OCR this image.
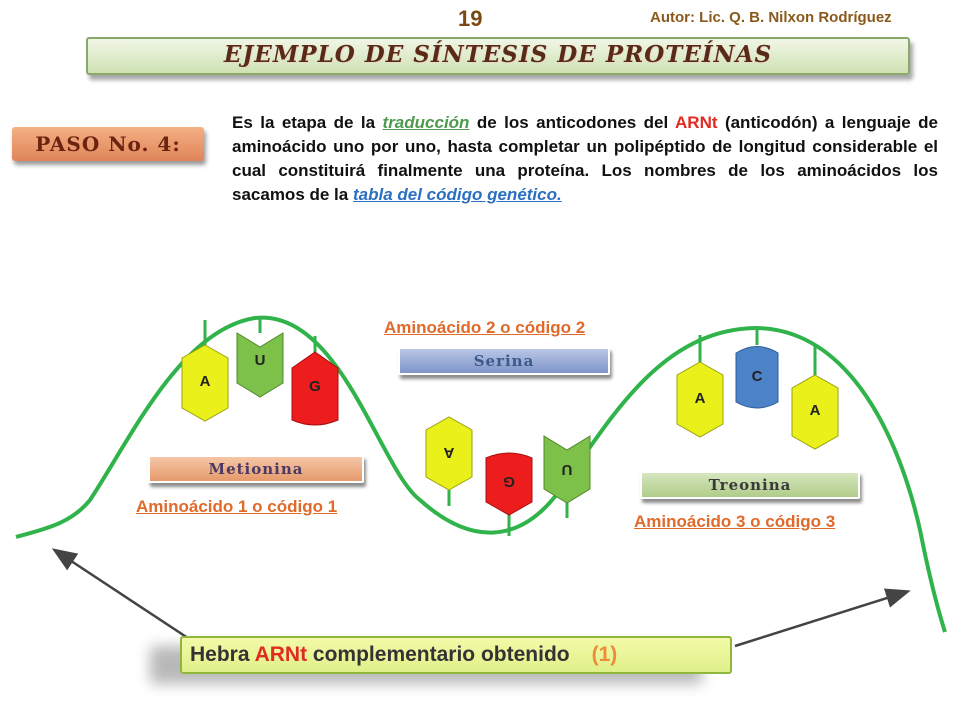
19	Autor: Lic. Q. B. Nilxon Rodríguez
EJEMPLO DE SÍNTESIS DE PROTEÍNAS
PASO No. 4:
Es la etapa de la traducción de los anticodones del ARNt (anticodón) a lenguaje de aminoácido uno por uno, hasta completar un polipéptido de longitud considerable el cual constituirá finalmente una proteína. Los nombres de los aminoácidos los sacamos de la tabla del código genético.
A
U
G
A
G
U
A
C
A
Aminoácido 2 o código 2
Aminoácido 1 o código 1
Aminoácido 3 o código 3
Serina
Metionina
Treonina
Hebra ARNt complementario obtenido (1)
